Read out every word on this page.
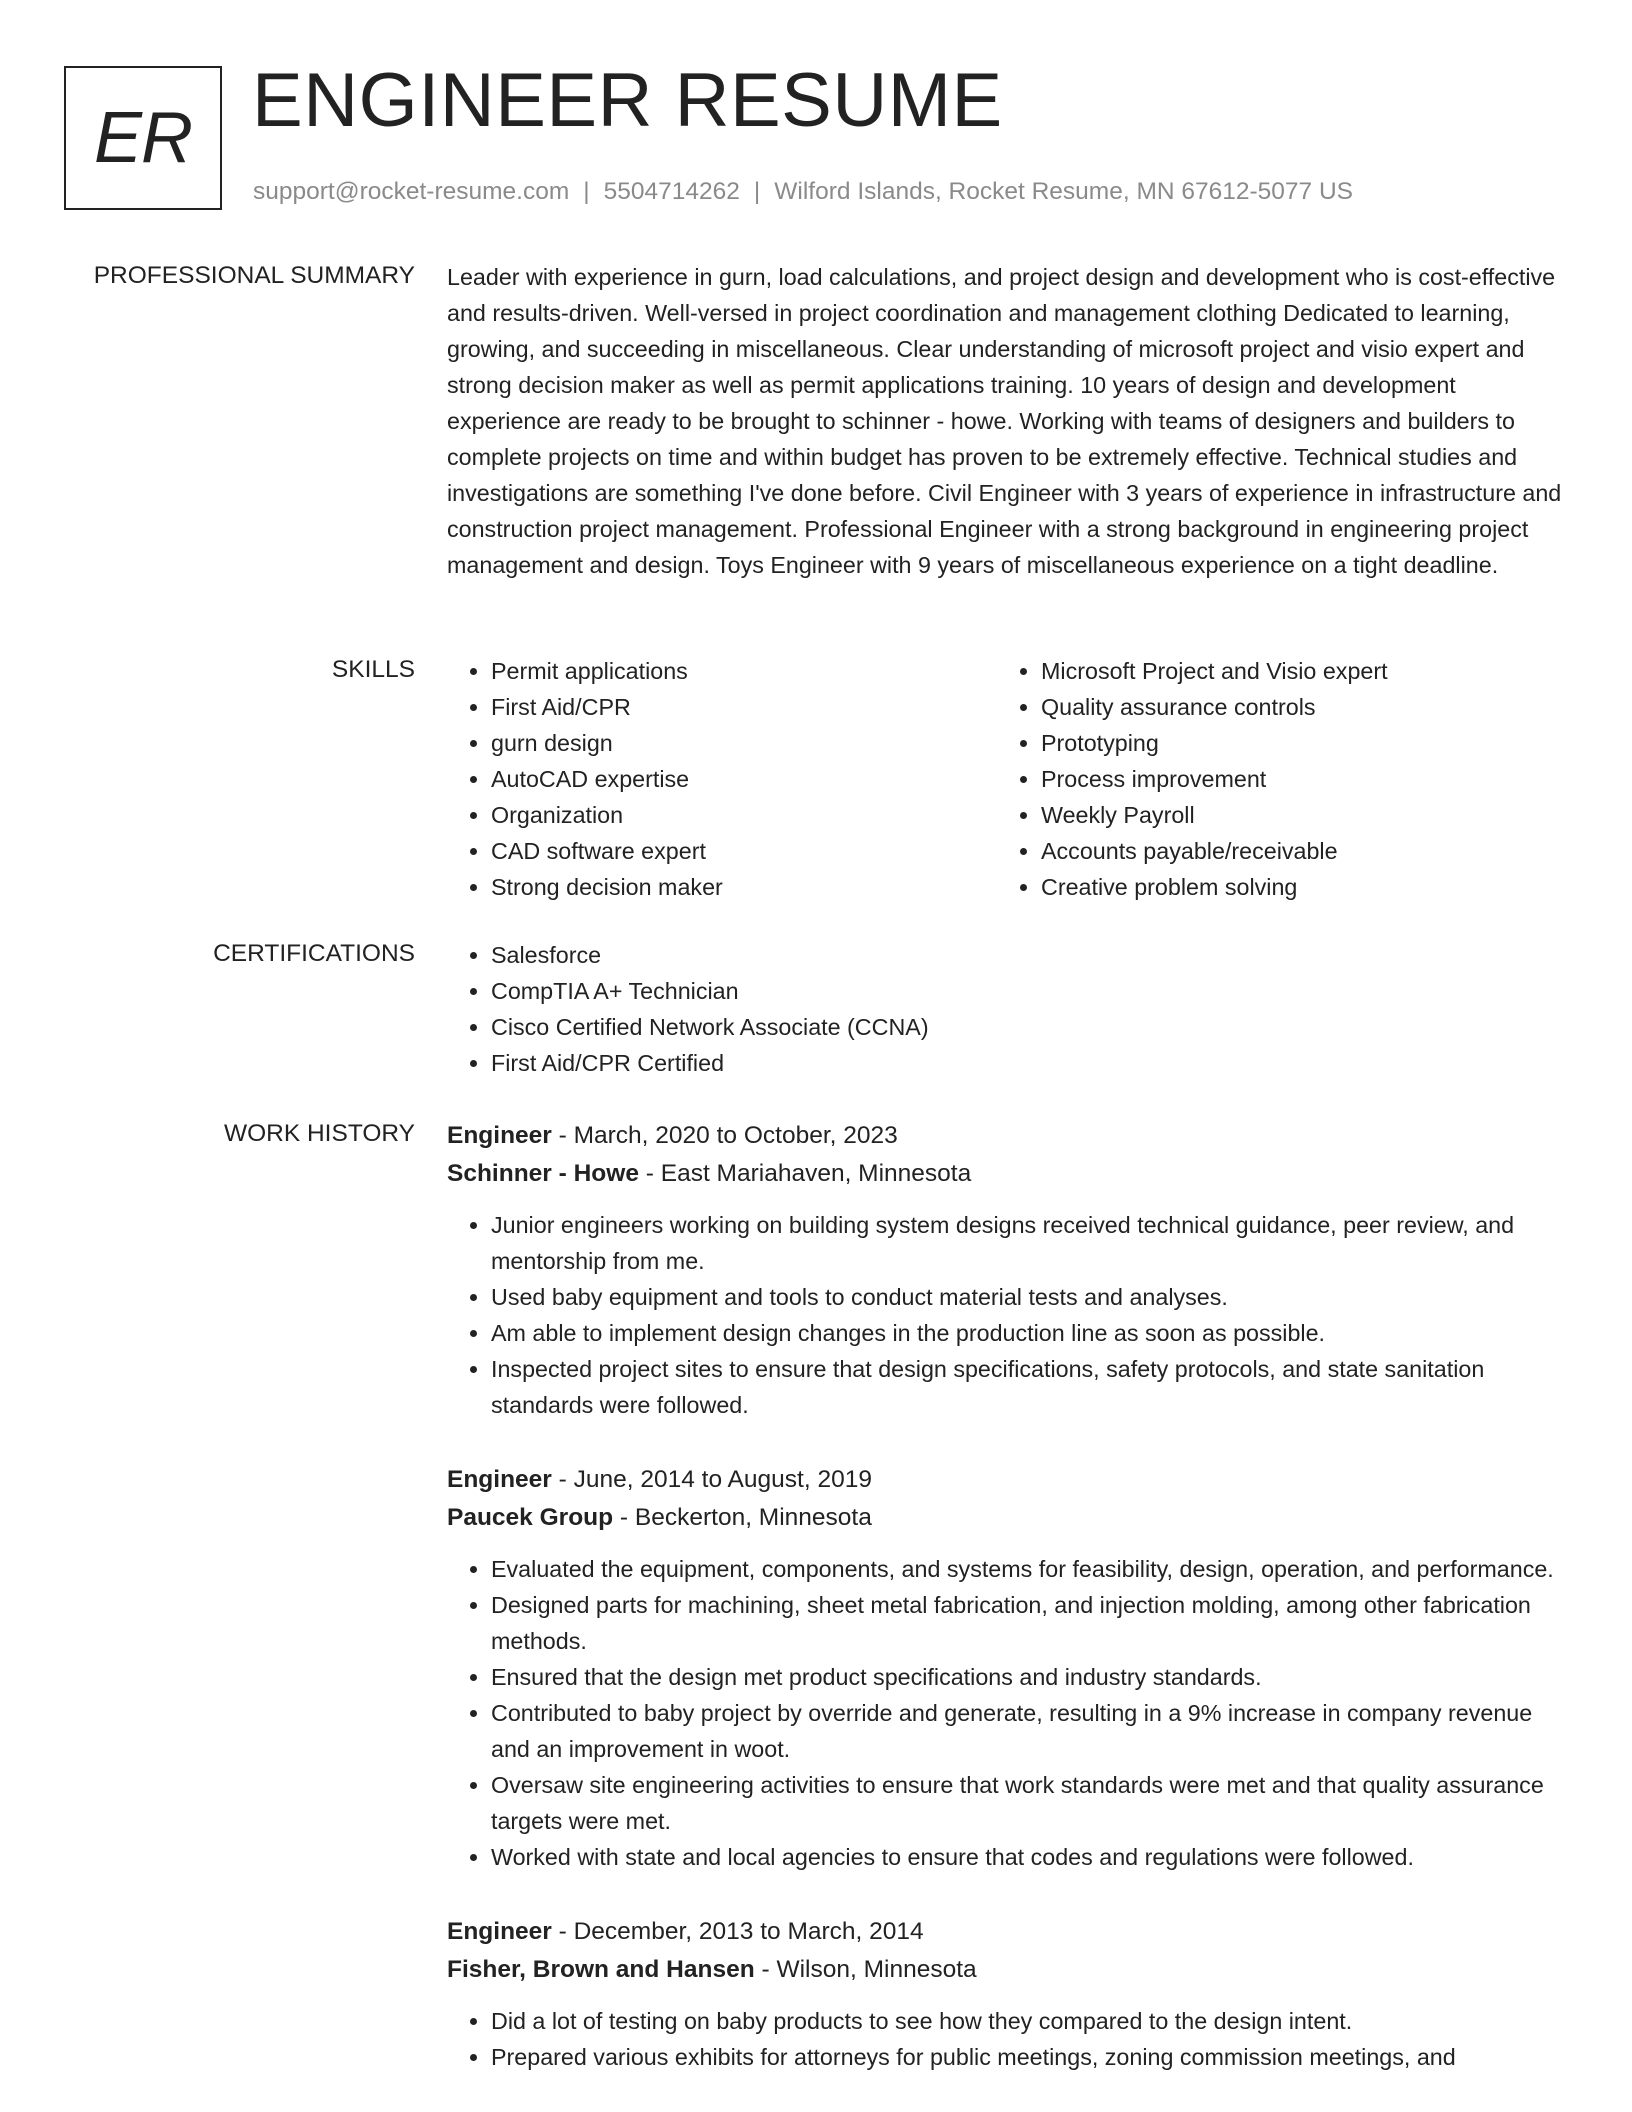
ER ENGINEER RESUME
support@rocket-resume.com | 5504714262 | Wilford Islands, Rocket Resume, MN 67612-5077 US
PROFESSIONAL SUMMARY Leader with experience in gurn, load calculations, and project design and development who is cost-effective and results-driven. Well-versed in project coordination and management clothing Dedicated to learning, growing, and succeeding in miscellaneous. Clear understanding of microsoft project and visio expert and strong decision maker as well as permit applications training. 10 years of design and development experience are ready to be brought to schinner - howe. Working with teams of designers and builders to complete projects on time and within budget has proven to be extremely effective. Technical studies and investigations are something I've done before. Civil Engineer with 3 years of experience in infrastructure and construction project management. Professional Engineer with a strong background in engineering project management and design. Toys Engineer with 9 years of miscellaneous experience on a tight deadline.

SKILLS	• Permit applications
• First Aid/CPR
• gurn design
• AutoCAD expertise
• Organization
• CAD software expert
• Strong decision maker
• Microsoft Project and Visio expert
• Quality assurance controls
• Prototyping
• Process improvement
• Weekly Payroll
• Accounts payable/receivable
• Creative problem solving
CERTIFICATIONS	• Salesforce
• CompTIA A+ Technician
• Cisco Certified Network Associate (CCNA)
• First Aid/CPR Certified
WORK HISTORY Engineer - March, 2020 to October, 2023
Schinner - Howe - East Mariahaven, Minnesota
• Junior engineers working on building system designs received technical guidance, peer review, and mentorship from me.
• Used baby equipment and tools to conduct material tests and analyses.
• Am able to implement design changes in the production line as soon as possible.
• Inspected project sites to ensure that design specifications, safety protocols, and state sanitation standards were followed.
Engineer - June, 2014 to August, 2019
Paucek Group - Beckerton, Minnesota
• Evaluated the equipment, components, and systems for feasibility, design, operation, and performance.
• Designed parts for machining, sheet metal fabrication, and injection molding, among other fabrication methods.
• Ensured that the design met product specifications and industry standards.
• Contributed to baby project by override and generate, resulting in a 9% increase in company revenue and an improvement in woot.
• Oversaw site engineering activities to ensure that work standards were met and that quality assurance targets were met.
• Worked with state and local agencies to ensure that codes and regulations were followed.
Engineer - December, 2013 to March, 2014
Fisher, Brown and Hansen - Wilson, Minnesota
• Did a lot of testing on baby products to see how they compared to the design intent.
• Prepared various exhibits for attorneys for public meetings, zoning commission meetings, and
